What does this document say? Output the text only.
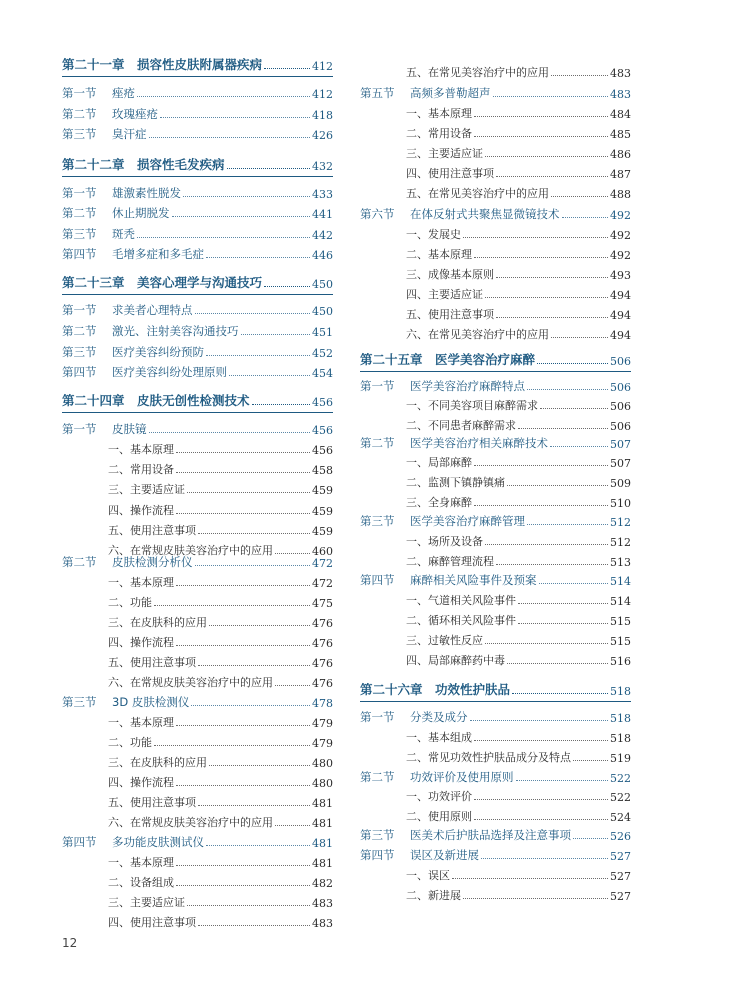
第二十一章　损容性皮肤附属器疾病	412
第一节 痤疮	412
第二节 玫瑰痤疮	418
第三节 臭汗症	426
第二十二章　损容性毛发疾病	432
第一节 雄激素性脱发	433
第二节 休止期脱发	441
第三节 斑秃	442
第四节 毛增多症和多毛症	446
第二十三章　美容心理学与沟通技巧	450
第一节 求美者心理特点	450
第二节 激光、注射美容沟通技巧	451
第三节 医疗美容纠纷预防	452
第四节 医疗美容纠纷处理原则	454
第二十四章　皮肤无创性检测技术	456
第一节 皮肤镜	456
一、基本原理	456
二、常用设备	458
三、主要适应证	459
四、操作流程	459
五、使用注意事项	459
六、在常规皮肤美容治疗中的应用	460
第二节 皮肤检测分析仪	472
一、基本原理	472
二、功能	475
三、在皮肤科的应用	476
四、操作流程	476
五、使用注意事项	476
六、在常规皮肤美容治疗中的应用	476
第三节 3D 皮肤检测仪	478
一、基本原理	479
二、功能	479
三、在皮肤科的应用	480
四、操作流程	480
五、使用注意事项	481
六、在常规皮肤美容治疗中的应用	481
第四节 多功能皮肤测试仪	481
一、基本原理	481
二、设备组成	482
三、主要适应证	483
四、使用注意事项	483
五、在常见美容治疗中的应用	483
第五节 高频多普勒超声	483
一、基本原理	484
二、常用设备	485
三、主要适应证	486
四、使用注意事项	487
五、在常见美容治疗中的应用	488
第六节 在体反射式共聚焦显微镜技术	492
一、发展史	492
二、基本原理	492
三、成像基本原则	493
四、主要适应证	494
五、使用注意事项	494
六、在常见美容治疗中的应用	494
第二十五章　医学美容治疗麻醉	506
第一节 医学美容治疗麻醉特点	506
一、不同美容项目麻醉需求	506
二、不同患者麻醉需求	506
第二节 医学美容治疗相关麻醉技术	507
一、局部麻醉	507
二、监测下镇静镇痛	509
三、全身麻醉	510
第三节 医学美容治疗麻醉管理	512
一、场所及设备	512
二、麻醉管理流程	513
第四节 麻醉相关风险事件及预案	514
一、气道相关风险事件	514
二、循环相关风险事件	515
三、过敏性反应	515
四、局部麻醉药中毒	516
第二十六章　功效性护肤品	518
第一节 分类及成分	518
一、基本组成	518
二、常见功效性护肤品成分及特点	519
第二节 功效评价及使用原则	522
一、功效评价	522
二、使用原则	524
第三节 医美术后护肤品选择及注意事项	526
第四节 误区及新进展	527
一、误区	527
二、新进展	527
12
